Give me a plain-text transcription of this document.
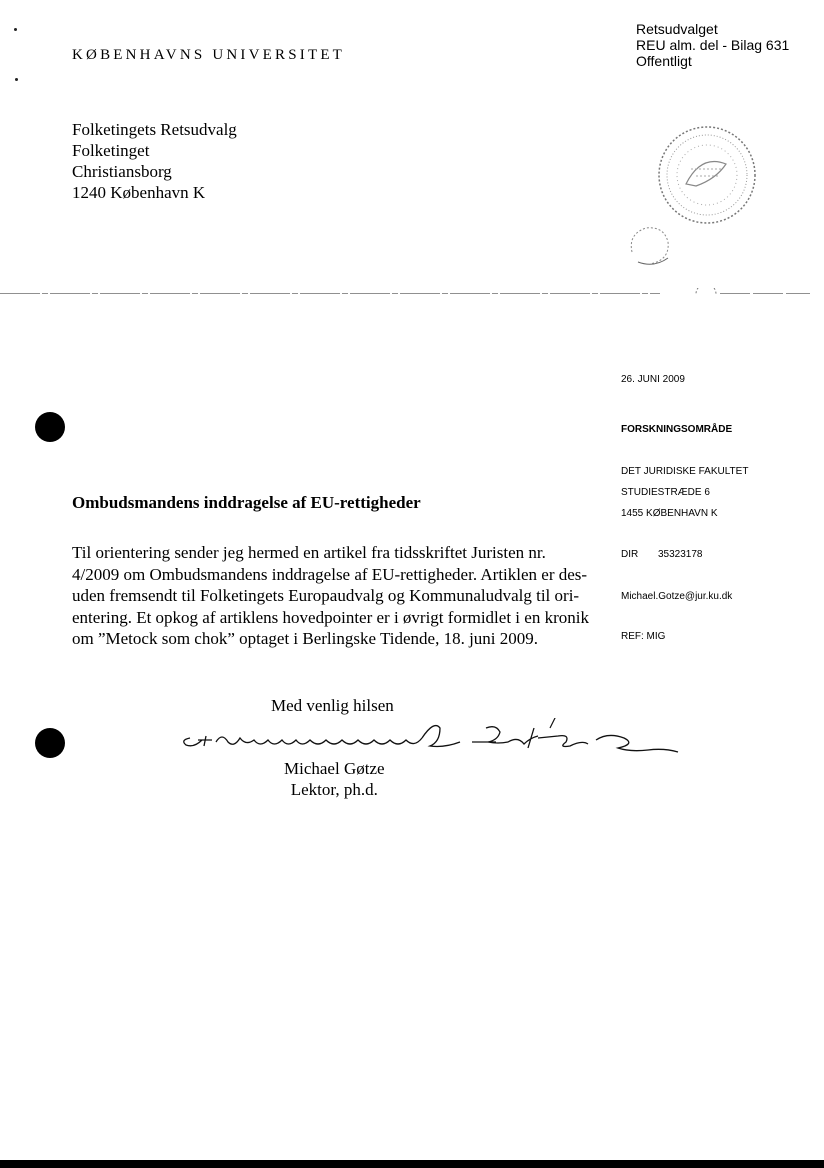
KØBENHAVNS UNIVERSITET
Retsudvalget
REU alm. del - Bilag 631
Offentligt
Folketingets Retsudvalg
Folketinget
Christiansborg
1240 København K
26. JUNI 2009
FORSKNINGSOMRÅDE
DET JURIDISKE FAKULTET
STUDIESTRÆDE 6
1455 KØBENHAVN K
DIR 35323178
Michael.Gotze@jur.ku.dk
REF: MIG
Ombudsmandens inddragelse af EU-rettigheder
Til orientering sender jeg hermed en artikel fra tidsskriftet Juristen nr.
4/2009 om Ombudsmandens inddragelse af EU-rettigheder. Artiklen er des-
uden fremsendt til Folketingets Europaudvalg og Kommunaludvalg til ori-
entering. Et opkog af artiklens hovedpointer er i øvrigt formidlet i en kronik
om ”Metock som chok” optaget i Berlingske Tidende, 18. juni 2009.
Med venlig hilsen
Michael Gøtze
Lektor, ph.d.
